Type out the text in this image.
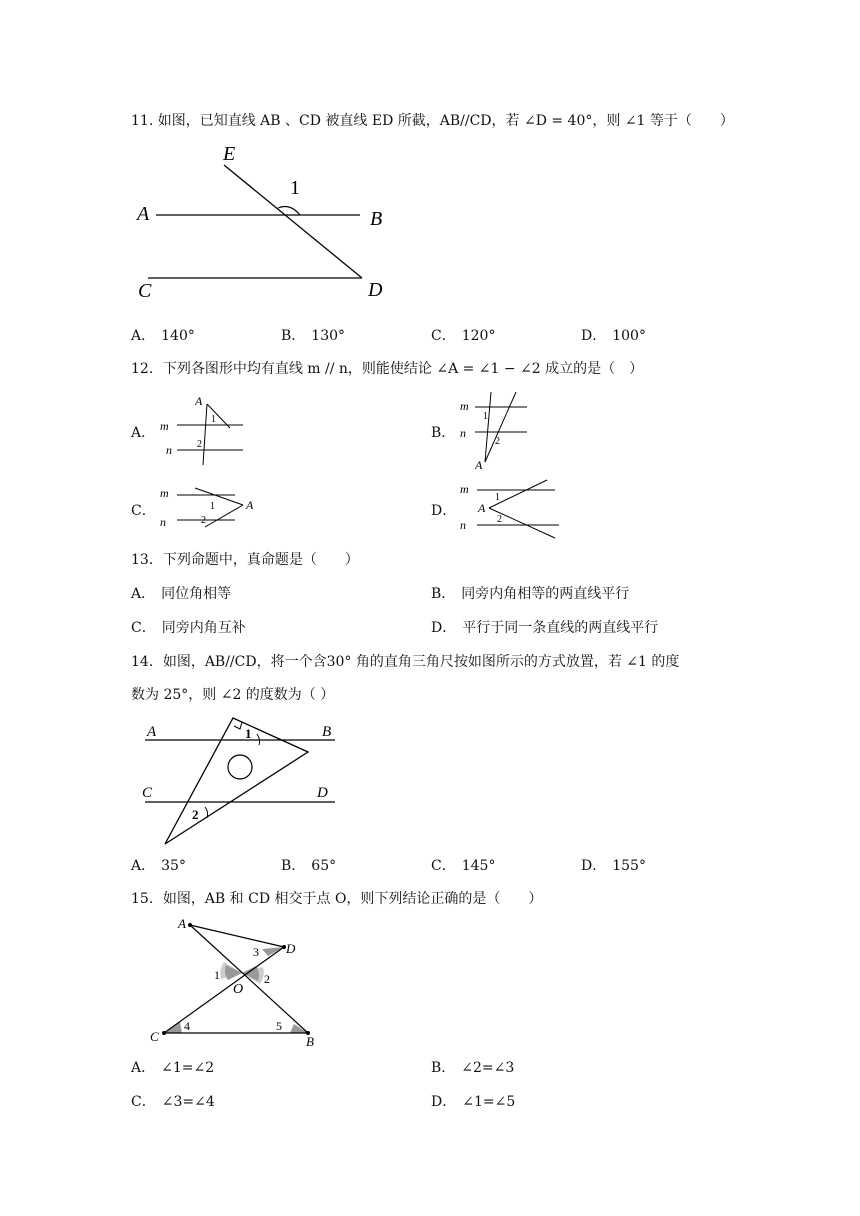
11. 如图，已知直线 AB 、CD 被直线 ED 所截，AB//CD，若 ∠D = 40°，则 ∠1 等于（　　）
E
A	B
C	D
1
A． 140°	B． 130°	C． 120°	D． 100°
12．下列各图形中均有直线 m // n，则能使结论 ∠A = ∠1 − ∠2 成立的是（　）
A．
A
m
n
1
2
B．
m
n
A
1
2
C．
m
n
A
1
2
D．
m
n
A
1
2
13．下列命题中，真命题是（　　）
A． 同位角相等	B． 同旁内角相等的两直线平行
C． 同旁内角互补	D． 平行于同一条直线的两直线平行
14．如图，AB//CD，将一个含30° 角的直角三角尺按如图所示的方式放置，若 ∠1 的度
数为 25°，则 ∠2 的度数为（ ）
A	B
C	D
1
2
A． 35°	B． 65°	C． 145°	D． 155°
15．如图，AB 和 CD 相交于点 O，则下列结论正确的是（　　）
A
D
C	B
O
1	2
3
4	5
A． ∠1=∠2	B． ∠2=∠3
C． ∠3=∠4	D． ∠1=∠5
